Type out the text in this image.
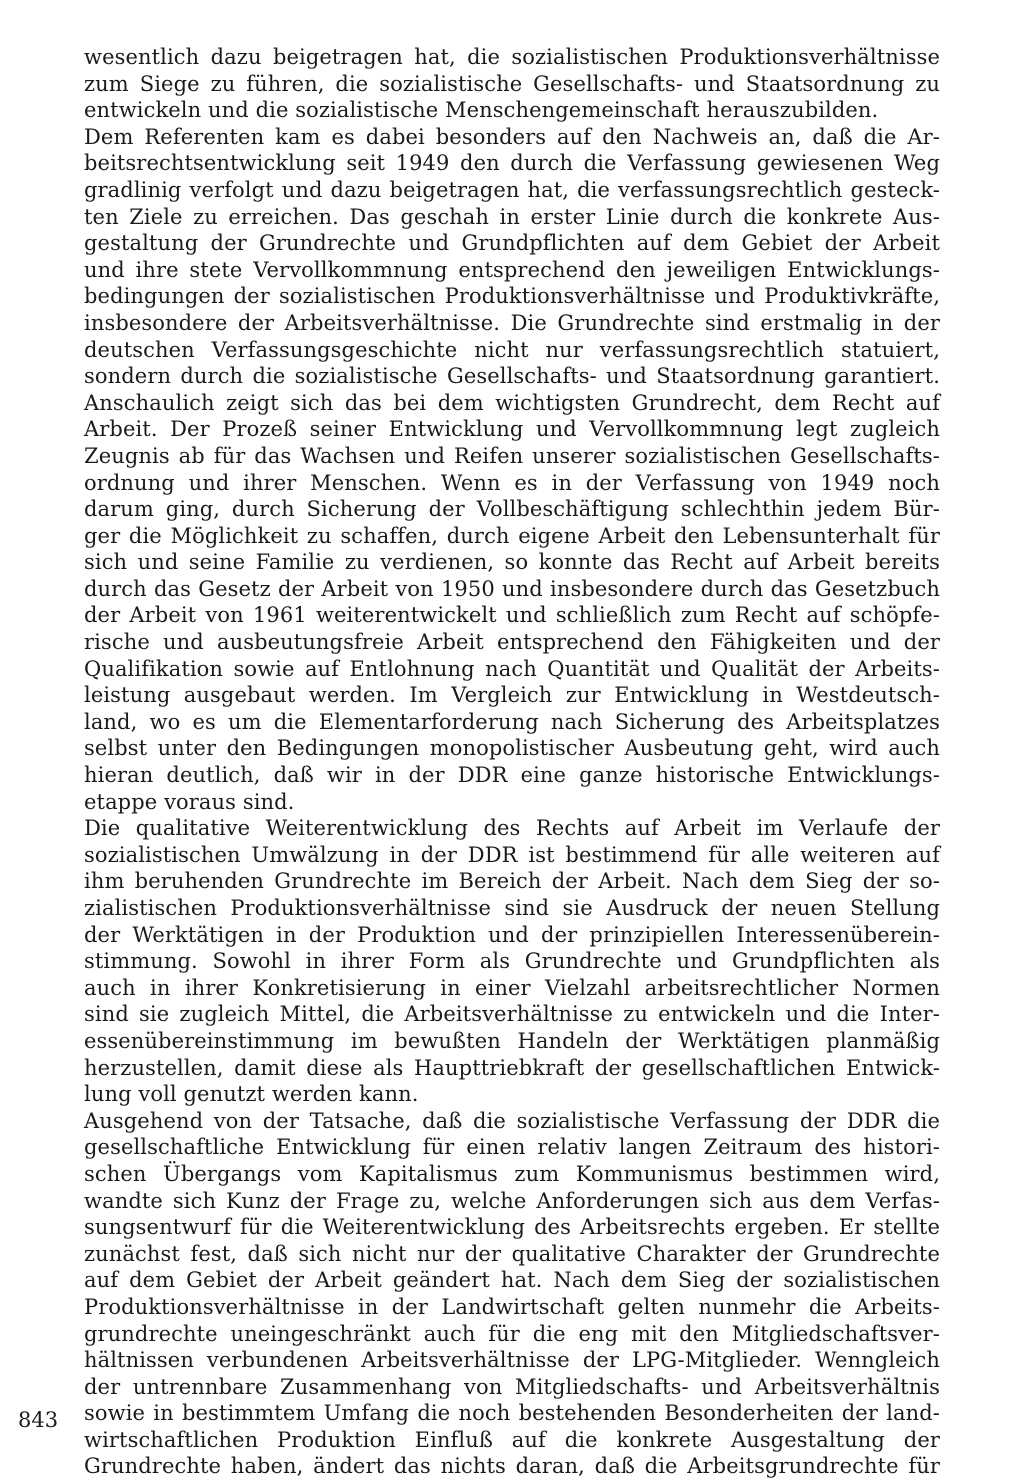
wesentlich dazu beigetragen hat, die sozialistischen Produktionsverhältnisse
zum Siege zu führen, die sozialistische Gesellschafts- und Staatsordnung zu
entwickeln und die sozialistische Menschengemeinschaft herauszubilden.
Dem Referenten kam es dabei besonders auf den Nachweis an, daß die Ar-
beitsrechtsentwicklung seit 1949 den durch die Verfassung gewiesenen Weg
gradlinig verfolgt und dazu beigetragen hat, die verfassungsrechtlich gesteck-
ten Ziele zu erreichen. Das geschah in erster Linie durch die konkrete Aus-
gestaltung der Grundrechte und Grundpflichten auf dem Gebiet der Arbeit
und ihre stete Vervollkommnung entsprechend den jeweiligen Entwicklungs-
bedingungen der sozialistischen Produktionsverhältnisse und Produktivkräfte,
insbesondere der Arbeitsverhältnisse. Die Grundrechte sind erstmalig in der
deutschen Verfassungsgeschichte nicht nur verfassungsrechtlich statuiert,
sondern durch die sozialistische Gesellschafts- und Staatsordnung garantiert.
Anschaulich zeigt sich das bei dem wichtigsten Grundrecht, dem Recht auf
Arbeit. Der Prozeß seiner Entwicklung und Vervollkommnung legt zugleich
Zeugnis ab für das Wachsen und Reifen unserer sozialistischen Gesellschafts-
ordnung und ihrer Menschen. Wenn es in der Verfassung von 1949 noch
darum ging, durch Sicherung der Vollbeschäftigung schlechthin jedem Bür-
ger die Möglichkeit zu schaffen, durch eigene Arbeit den Lebensunterhalt für
sich und seine Familie zu verdienen, so konnte das Recht auf Arbeit bereits
durch das Gesetz der Arbeit von 1950 und insbesondere durch das Gesetzbuch
der Arbeit von 1961 weiterentwickelt und schließlich zum Recht auf schöpfe-
rische und ausbeutungsfreie Arbeit entsprechend den Fähigkeiten und der
Qualifikation sowie auf Entlohnung nach Quantität und Qualität der Arbeits-
leistung ausgebaut werden. Im Vergleich zur Entwicklung in Westdeutsch-
land, wo es um die Elementarforderung nach Sicherung des Arbeitsplatzes
selbst unter den Bedingungen monopolistischer Ausbeutung geht, wird auch
hieran deutlich, daß wir in der DDR eine ganze historische Entwicklungs-
etappe voraus sind.
Die qualitative Weiterentwicklung des Rechts auf Arbeit im Verlaufe der
sozialistischen Umwälzung in der DDR ist bestimmend für alle weiteren auf
ihm beruhenden Grundrechte im Bereich der Arbeit. Nach dem Sieg der so-
zialistischen Produktionsverhältnisse sind sie Ausdruck der neuen Stellung
der Werktätigen in der Produktion und der prinzipiellen Interessenüberein-
stimmung. Sowohl in ihrer Form als Grundrechte und Grundpflichten als
auch in ihrer Konkretisierung in einer Vielzahl arbeitsrechtlicher Normen
sind sie zugleich Mittel, die Arbeitsverhältnisse zu entwickeln und die Inter-
essenübereinstimmung im bewußten Handeln der Werktätigen planmäßig
herzustellen, damit diese als Haupttriebkraft der gesellschaftlichen Entwick-
lung voll genutzt werden kann.
Ausgehend von der Tatsache, daß die sozialistische Verfassung der DDR die
gesellschaftliche Entwicklung für einen relativ langen Zeitraum des histori-
schen Übergangs vom Kapitalismus zum Kommunismus bestimmen wird,
wandte sich Kunz der Frage zu, welche Anforderungen sich aus dem Verfas-
sungsentwurf für die Weiterentwicklung des Arbeitsrechts ergeben. Er stellte
zunächst fest, daß sich nicht nur der qualitative Charakter der Grundrechte
auf dem Gebiet der Arbeit geändert hat. Nach dem Sieg der sozialistischen
Produktionsverhältnisse in der Landwirtschaft gelten nunmehr die Arbeits-
grundrechte uneingeschränkt auch für die eng mit den Mitgliedschaftsver-
hältnissen verbundenen Arbeitsverhältnisse der LPG-Mitglieder. Wenngleich
der untrennbare Zusammenhang von Mitgliedschafts- und Arbeitsverhältnis
sowie in bestimmtem Umfang die noch bestehenden Besonderheiten der land-
wirtschaftlichen Produktion Einfluß auf die konkrete Ausgestaltung der
Grundrechte haben, ändert das nichts daran, daß die Arbeitsgrundrechte für
843
